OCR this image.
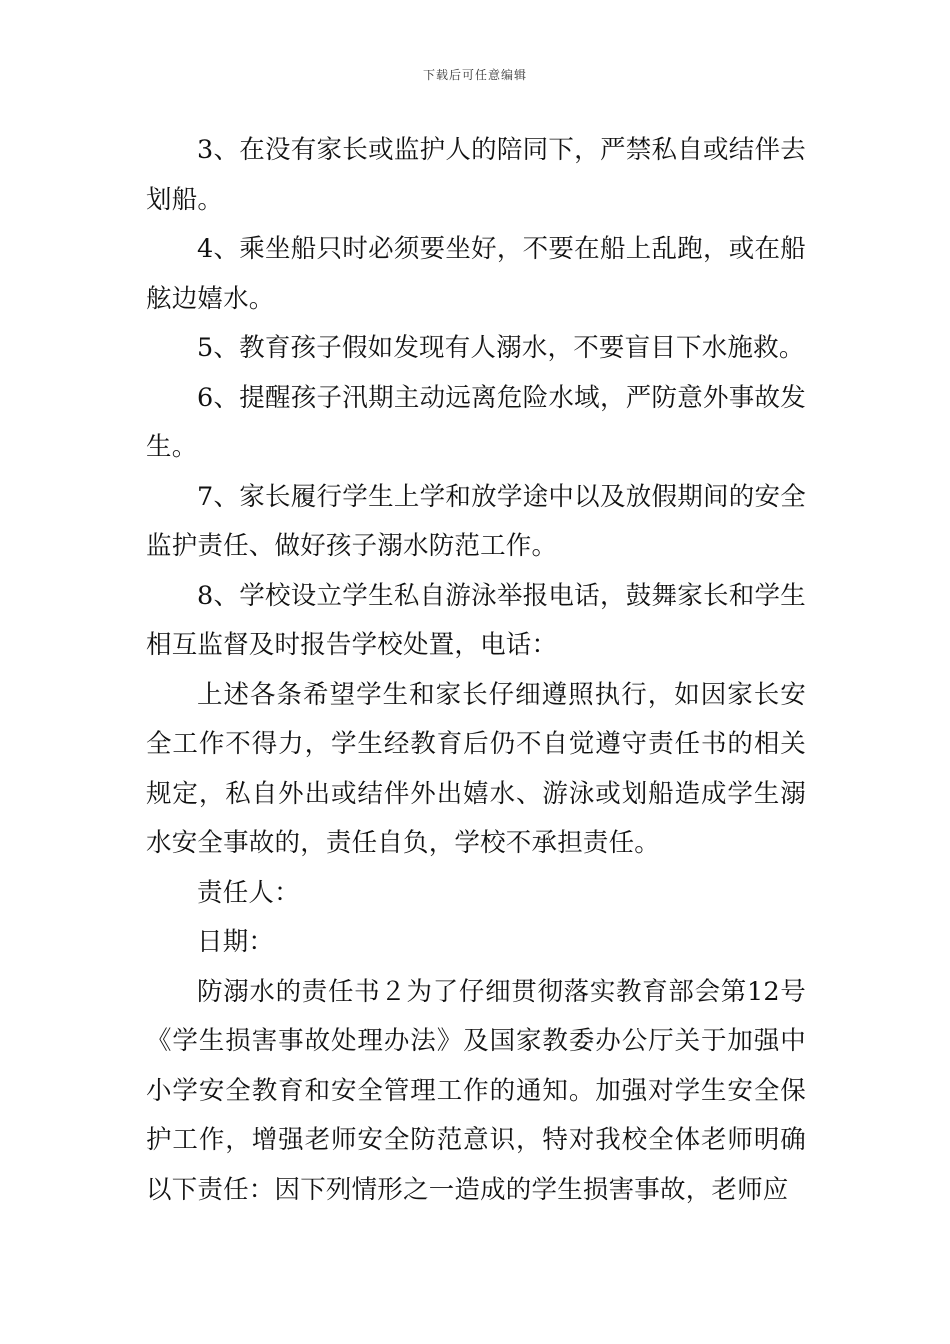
下载后可任意编辑

3、在没有家长或监护人的陪同下，严禁私自或结伴去划船。

4、乘坐船只时必须要坐好，不要在船上乱跑，或在船舷边嬉水。

5、教育孩子假如发现有人溺水，不要盲目下水施救。

6、提醒孩子汛期主动远离危险水域，严防意外事故发生。

7、家长履行学生上学和放学途中以及放假期间的安全监护责任、做好孩子溺水防范工作。

8、学校设立学生私自游泳举报电话，鼓舞家长和学生相互监督及时报告学校处置，电话：

上述各条希望学生和家长仔细遵照执行，如因家长安全工作不得力，学生经教育后仍不自觉遵守责任书的相关规定，私自外出或结伴外出嬉水、游泳或划船造成学生溺水安全事故的，责任自负，学校不承担责任。

责任人：

日期：

防溺水的责任书２为了仔细贯彻落实教育部会第12号《学生损害事故处理办法》及国家教委办公厅关于加强中小学安全教育和安全管理工作的通知。加强对学生安全保护工作，增强老师安全防范意识，特对我校全体老师明确以下责任：因下列情形之一造成的学生损害事故，老师应
